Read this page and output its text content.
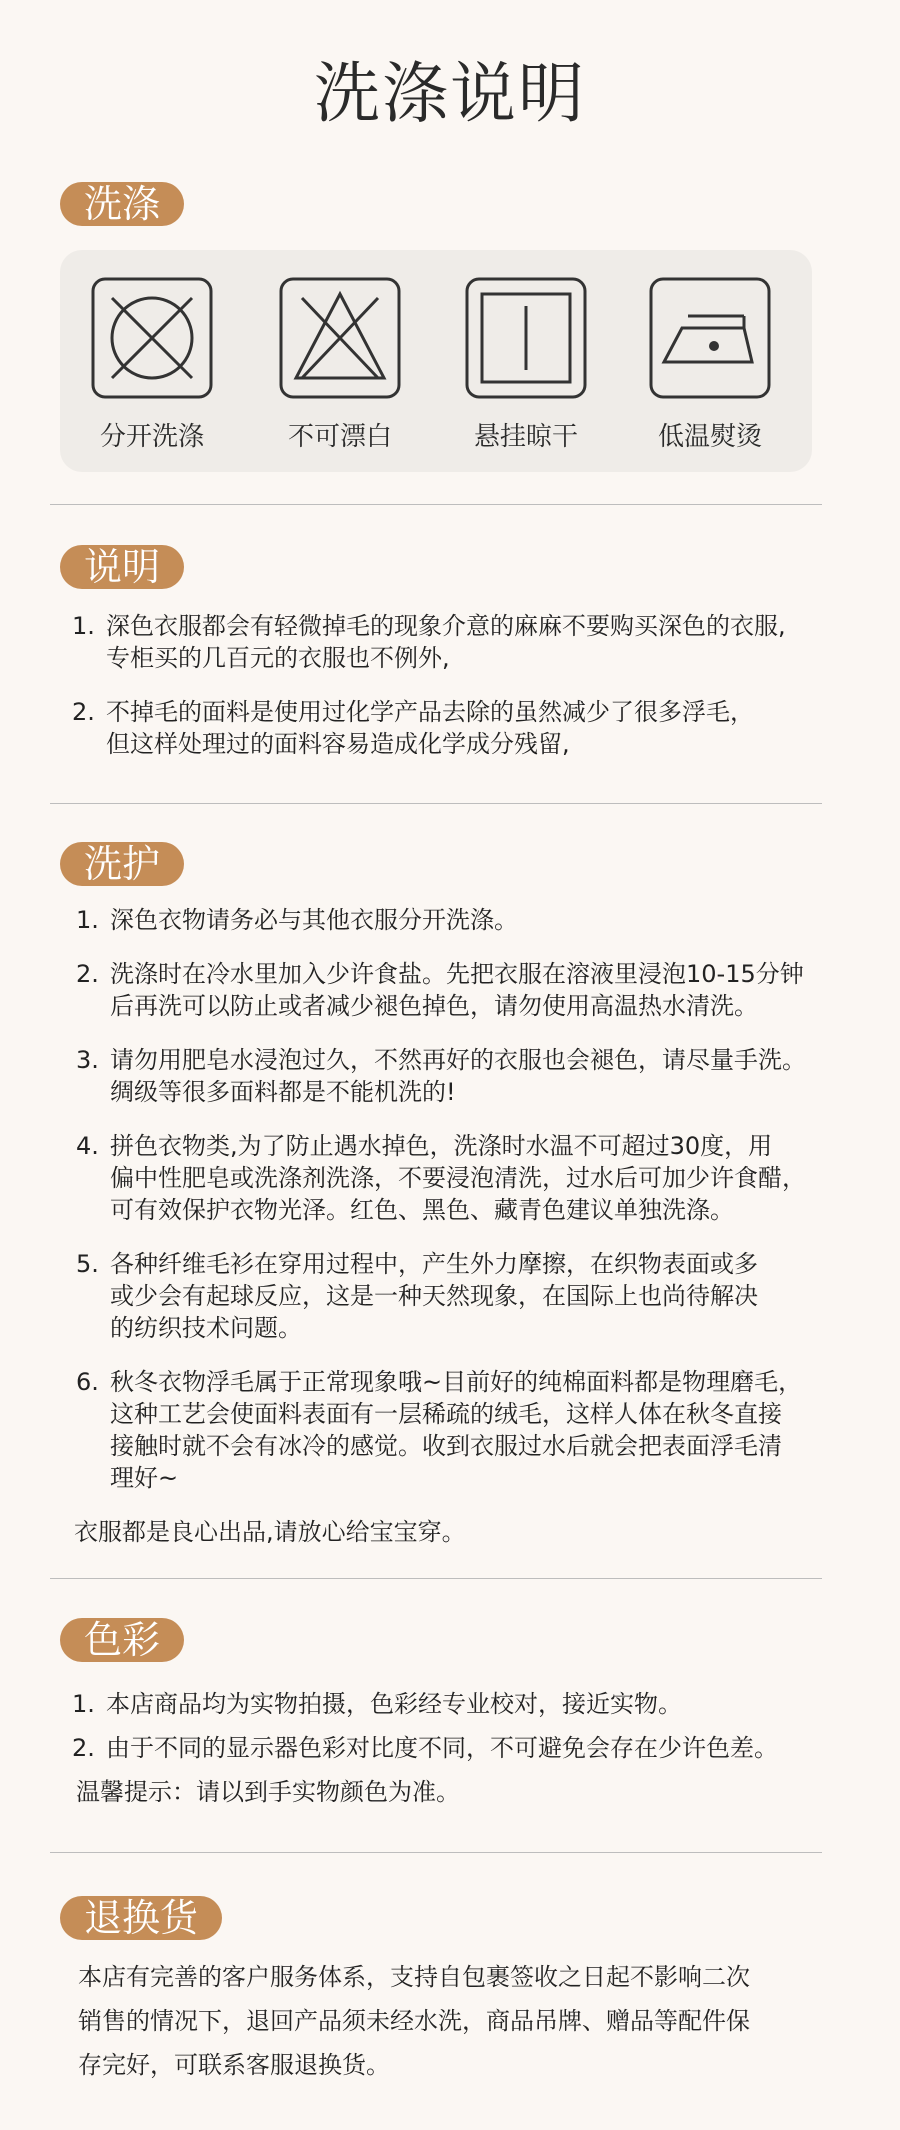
洗涤说明
洗涤
分开洗涤	不可漂白	悬挂晾干	低温熨烫
说明
1. 深色衣服都会有轻微掉毛的现象介意的麻麻不要购买深色的衣服,
专柜买的几百元的衣服也不例外,
2. 不掉毛的面料是使用过化学产品去除的虽然减少了很多浮毛，
但这样处理过的面料容易造成化学成分残留,
洗护
1. 深色衣物请务必与其他衣服分开洗涤。
2. 洗涤时在冷水里加入少许食盐。先把衣服在溶液里浸泡10-15分钟
后再洗可以防止或者减少褪色掉色，请勿使用高温热水清洗。
3. 请勿用肥皂水浸泡过久，不然再好的衣服也会褪色，请尽量手洗。
绸级等很多面料都是不能机洗的!
4. 拼色衣物类,为了防止遇水掉色，洗涤时水温不可超过30度，用
偏中性肥皂或洗涤剂洗涤，不要浸泡清洗，过水后可加少许食醋，
可有效保护衣物光泽。红色、黑色、藏青色建议单独洗涤。
5. 各种纤维毛衫在穿用过程中，产生外力摩擦，在织物表面或多
或少会有起球反应，这是一种天然现象，在国际上也尚待解决
的纺织技术问题。
6. 秋冬衣物浮毛属于正常现象哦~目前好的纯棉面料都是物理磨毛，
这种工艺会使面料表面有一层稀疏的绒毛，这样人体在秋冬直接
接触时就不会有冰冷的感觉。收到衣服过水后就会把表面浮毛清
理好~
衣服都是良心出品,请放心给宝宝穿。
色彩
1. 本店商品均为实物拍摄，色彩经专业校对，接近实物。
2. 由于不同的显示器色彩对比度不同，不可避免会存在少许色差。
温馨提示：请以到手实物颜色为准。
退换货
本店有完善的客户服务体系，支持自包裹签收之日起不影响二次
销售的情况下，退回产品须未经水洗，商品吊牌、赠品等配件保
存完好，可联系客服退换货。
